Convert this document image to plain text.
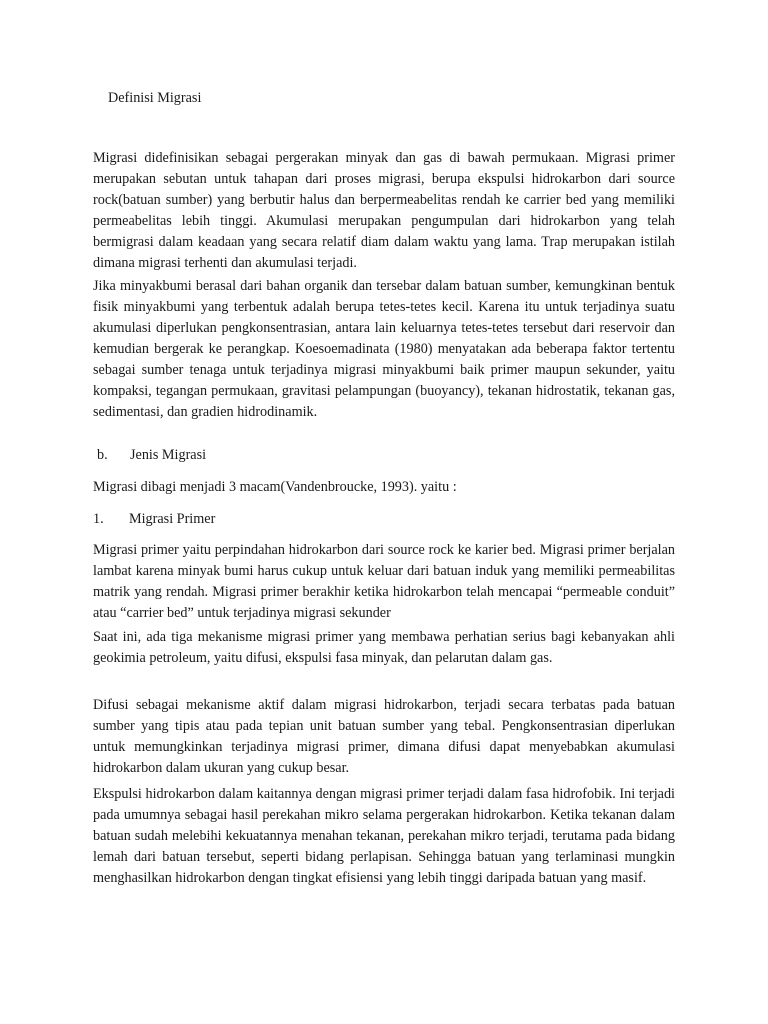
Definisi Migrasi

Migrasi didefinisikan sebagai pergerakan minyak dan gas di bawah permukaan. Migrasi primer merupakan sebutan untuk tahapan dari proses migrasi, berupa ekspulsi hidrokarbon dari source rock(batuan sumber) yang berbutir halus dan berpermeabelitas rendah ke carrier bed yang memiliki permeabelitas lebih tinggi. Akumulasi merupakan pengumpulan dari hidrokarbon yang telah bermigrasi dalam keadaan yang secara relatif diam dalam waktu yang lama. Trap merupakan istilah dimana migrasi terhenti dan akumulasi terjadi.

Jika minyakbumi berasal dari bahan organik dan tersebar dalam batuan sumber, kemungkinan bentuk fisik minyakbumi yang terbentuk adalah berupa tetes-tetes kecil. Karena itu untuk terjadinya suatu akumulasi diperlukan pengkonsentrasian, antara lain keluarnya tetes-tetes tersebut dari reservoir dan kemudian bergerak ke perangkap. Koesoemadinata (1980) menyatakan ada beberapa faktor tertentu sebagai sumber tenaga untuk terjadinya migrasi minyakbumi baik primer maupun sekunder, yaitu kompaksi, tegangan permukaan, gravitasi pelampungan (buoyancy), tekanan hidrostatik, tekanan gas, sedimentasi, dan gradien hidrodinamik.

b. Jenis Migrasi

Migrasi dibagi menjadi 3 macam(Vandenbroucke, 1993). yaitu :

1. Migrasi Primer

Migrasi primer yaitu perpindahan hidrokarbon dari source rock ke karier bed. Migrasi primer berjalan lambat karena minyak bumi harus cukup untuk keluar dari batuan induk yang memiliki permeabilitas matrik yang rendah. Migrasi primer berakhir ketika hidrokarbon telah mencapai “permeable conduit” atau “carrier bed” untuk terjadinya migrasi sekunder

Saat ini, ada tiga mekanisme migrasi primer yang membawa perhatian serius bagi kebanyakan ahli geokimia petroleum, yaitu difusi, ekspulsi fasa minyak, dan pelarutan dalam gas.

Difusi sebagai mekanisme aktif dalam migrasi hidrokarbon, terjadi secara terbatas pada batuan sumber yang tipis atau pada tepian unit batuan sumber yang tebal. Pengkonsentrasian diperlukan untuk memungkinkan terjadinya migrasi primer, dimana difusi dapat menyebabkan akumulasi hidrokarbon dalam ukuran yang cukup besar.

Ekspulsi hidrokarbon dalam kaitannya dengan migrasi primer terjadi dalam fasa hidrofobik. Ini terjadi pada umumnya sebagai hasil perekahan mikro selama pergerakan hidrokarbon. Ketika tekanan dalam batuan sudah melebihi kekuatannya menahan tekanan, perekahan mikro terjadi, terutama pada bidang lemah dari batuan tersebut, seperti bidang perlapisan. Sehingga batuan yang terlaminasi mungkin menghasilkan hidrokarbon dengan tingkat efisiensi yang lebih tinggi daripada batuan yang masif.
